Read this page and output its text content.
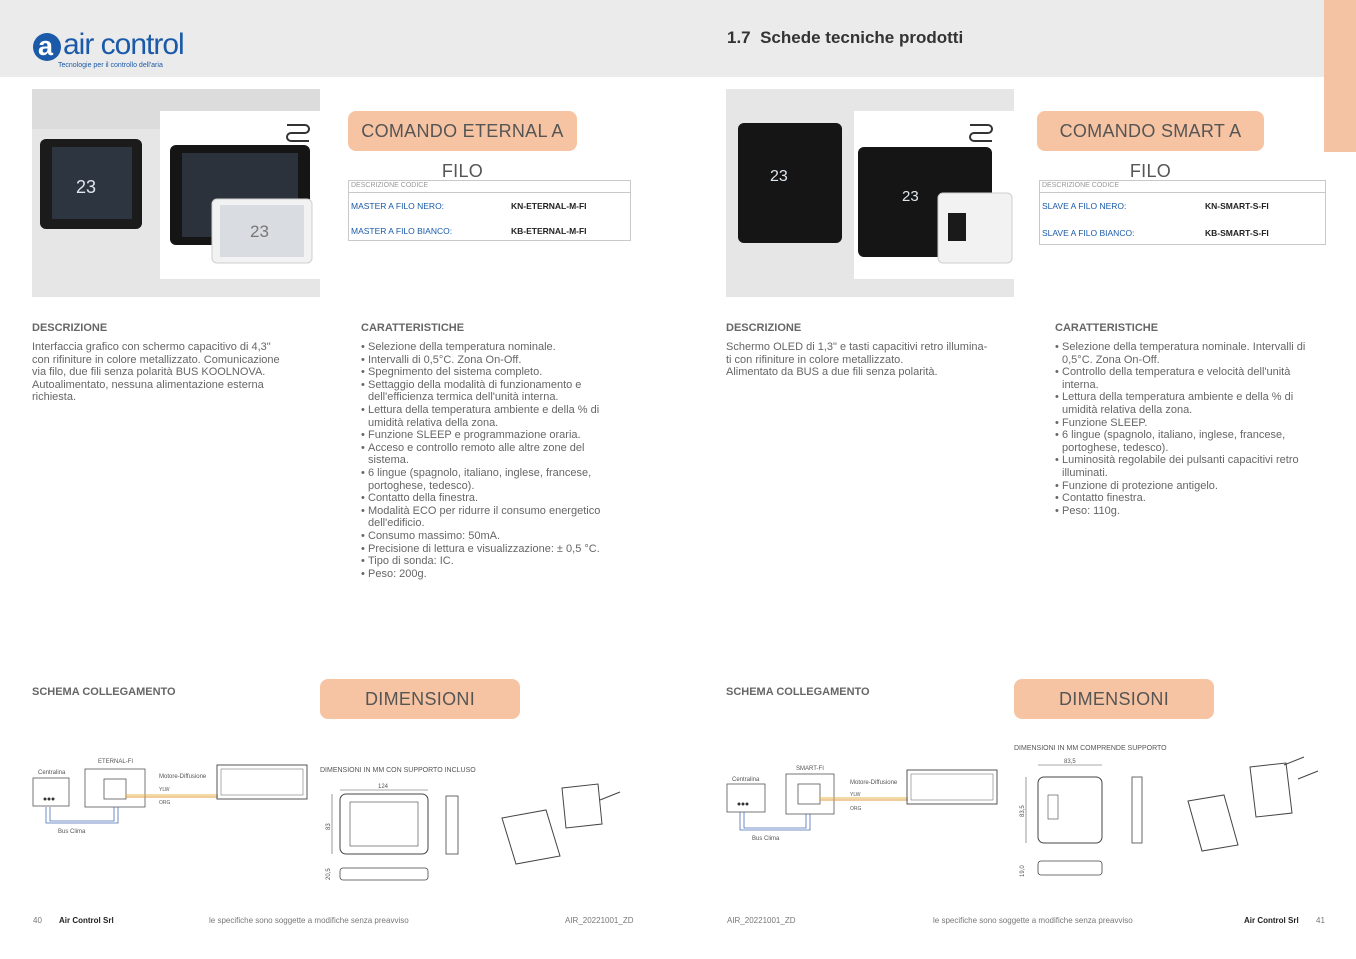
a air control
Tecnologie per il controllo dell'aria
1.7 Schede tecniche prodotti
23
23
COMANDO ETERNAL A FILO
DESCRIZIONE CODICE
MASTER A FILO NERO:	KN-ETERNAL-M-FI
MASTER A FILO BIANCO:	KB-ETERNAL-M-FI
DESCRIZIONE
Interfaccia grafico con schermo capacitivo di 4,3"
con rifiniture in colore metallizzato. Comunicazione
via filo, due fili senza polarità BUS KOOLNOVA.
Autoalimentato, nessuna alimentazione esterna
richiesta.
CARATTERISTICHE
• Selezione della temperatura nominale.
• Intervalli di 0,5°C. Zona On-Off.
• Spegnimento del sistema completo.
• Settaggio della modalità di funzionamento e dell'efficienza termica dell'unità interna.
• Lettura della temperatura ambiente e della % di umidità relativa della zona.
• Funzione SLEEP e programmazione oraria.
• Acceso e controllo remoto alle altre zone del sistema.
• 6 lingue (spagnolo, italiano, inglese, francese, portoghese, tedesco).
• Contatto della finestra.
• Modalità ECO per ridurre il consumo energetico dell'edificio.
• Consumo massimo: 50mA.
• Precisione di lettura e visualizzazione: ± 0,5 °C.
• Tipo di sonda: IC.
• Peso: 200g.
SCHEMA COLLEGAMENTO	DIMENSIONI
Centralina
ETERNAL-FI
Motore-Diffusione
YLW
ORG
Bus Clima
DIMENSIONI IN MM CON SUPPORTO INCLUSO
124
83
20,5
40 Air Control Srl	le specifiche sono soggette a modifiche senza preavviso	AIR_20221001_ZD
23
23
COMANDO SMART A FILO
DESCRIZIONE CODICE
SLAVE A FILO NERO:	KN-SMART-S-FI
SLAVE A FILO BIANCO:	KB-SMART-S-FI
DESCRIZIONE
Schermo OLED di 1,3" e tasti capacitivi retro illumina-
ti con rifiniture in colore metallizzato.
Alimentato da BUS a due fili senza polarità.
CARATTERISTICHE
• Selezione della temperatura nominale. Intervalli di 0,5°C. Zona On-Off.
• Controllo della temperatura e velocità dell'unità interna.
• Lettura della temperatura ambiente e della % di umidità relativa della zona.
• Funzione SLEEP.
• 6 lingue (spagnolo, italiano, inglese, francese, portoghese, tedesco).
• Luminosità regolabile dei pulsanti capacitivi retro illuminati.
• Funzione di protezione antigelo.
• Contatto finestra.
• Peso: 110g.
SCHEMA COLLEGAMENTO	DIMENSIONI
Centralina
SMART-FI
Motore-Diffusione
YLW
ORG
Bus Clima
DIMENSIONI IN MM COMPRENDE SUPPORTO
83,5
83,5
19,0
AIR_20221001_ZD	le specifiche sono soggette a modifiche senza preavviso	Air Control Srl 41
